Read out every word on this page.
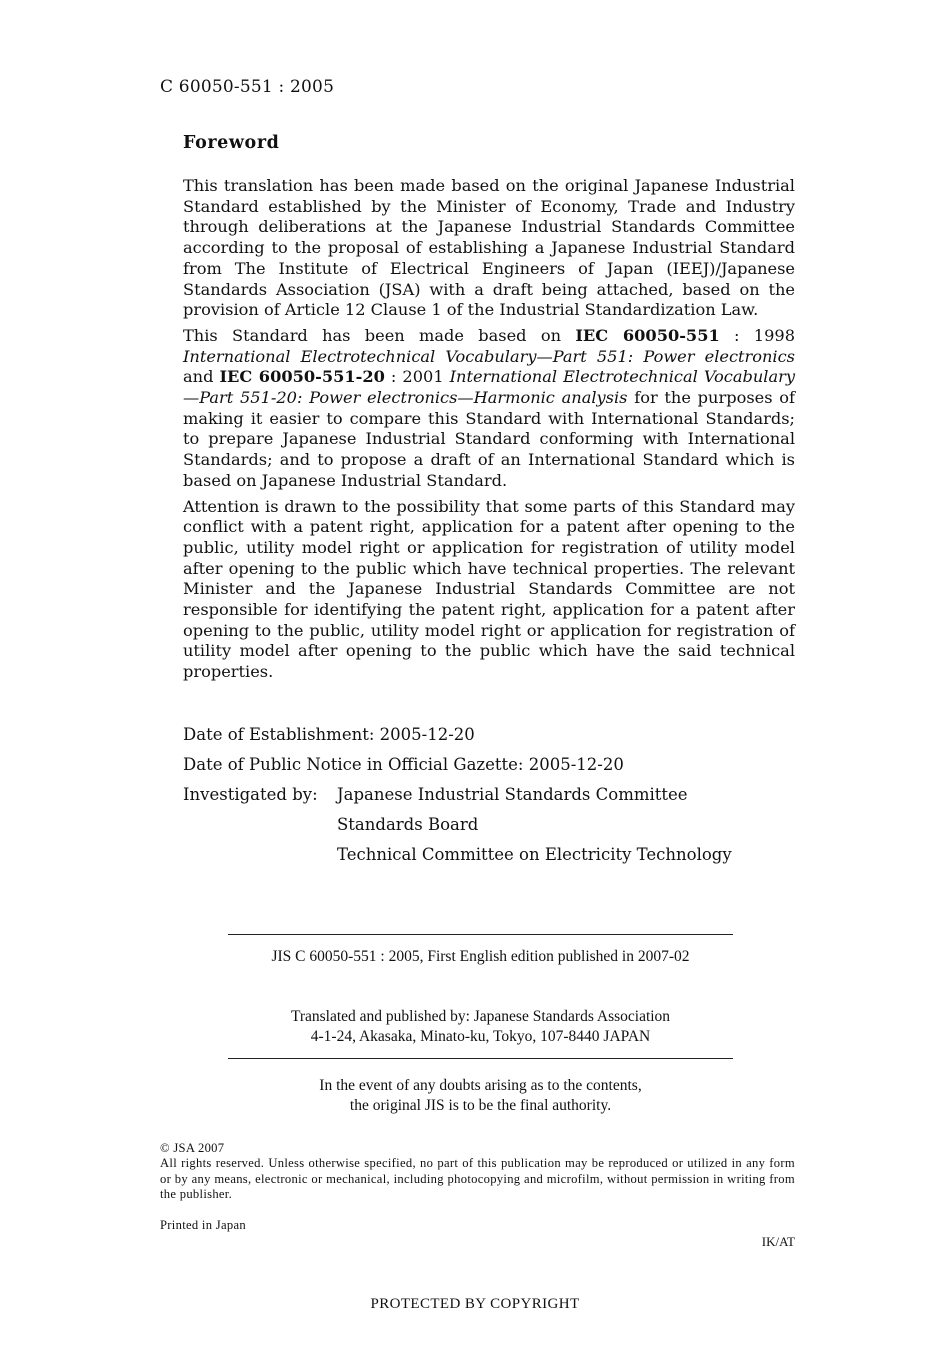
C 60050-551 : 2005
Foreword

This translation has been made based on the original Japanese Industrial Standard established by the Minister of Economy, Trade and Industry through deliberations at the Japanese Industrial Standards Committee according to the proposal of establishing a Japanese Industrial Standard from The Institute of Electrical Engineers of Japan (IEEJ)/Japanese Standards Association (JSA) with a draft being attached, based on the provision of Article 12 Clause 1 of the Industrial Standardization Law.

This Standard has been made based on IEC 60050-551 : 1998 International Electrotechnical Vocabulary—Part 551: Power electronics and IEC 60050-551-20 : 2001 International Electrotechnical Vocabulary—Part 551-20: Power electronics—Harmonic analysis for the purposes of making it easier to compare this Standard with International Standards; to prepare Japanese Industrial Standard conforming with International Standards; and to propose a draft of an International Standard which is based on Japanese Industrial Standard.

Attention is drawn to the possibility that some parts of this Standard may conflict with a patent right, application for a patent after opening to the public, utility model right or application for registration of utility model after opening to the public which have technical properties. The relevant Minister and the Japanese Industrial Standards Committee are not responsible for identifying the patent right, application for a patent after opening to the public, utility model right or application for registration of utility model after opening to the public which have the said technical properties.

Date of Establishment: 2005-12-20
Date of Public Notice in Official Gazette: 2005-12-20
Investigated by:	Japanese Industrial Standards Committee
Standards Board
Technical Committee on Electricity Technology
JIS C 60050-551 : 2005, First English edition published in 2007-02
Translated and published by: Japanese Standards Association
4-1-24, Akasaka, Minato-ku, Tokyo, 107-8440 JAPAN
In the event of any doubts arising as to the contents,
the original JIS is to be the final authority.
© JSA 2007
All rights reserved. Unless otherwise specified, no part of this publication may be reproduced or utilized in any form or by any means, electronic or mechanical, including photocopying and microfilm, without permission in writing from the publisher.
Printed in Japan
IK/AT
PROTECTED BY COPYRIGHT
